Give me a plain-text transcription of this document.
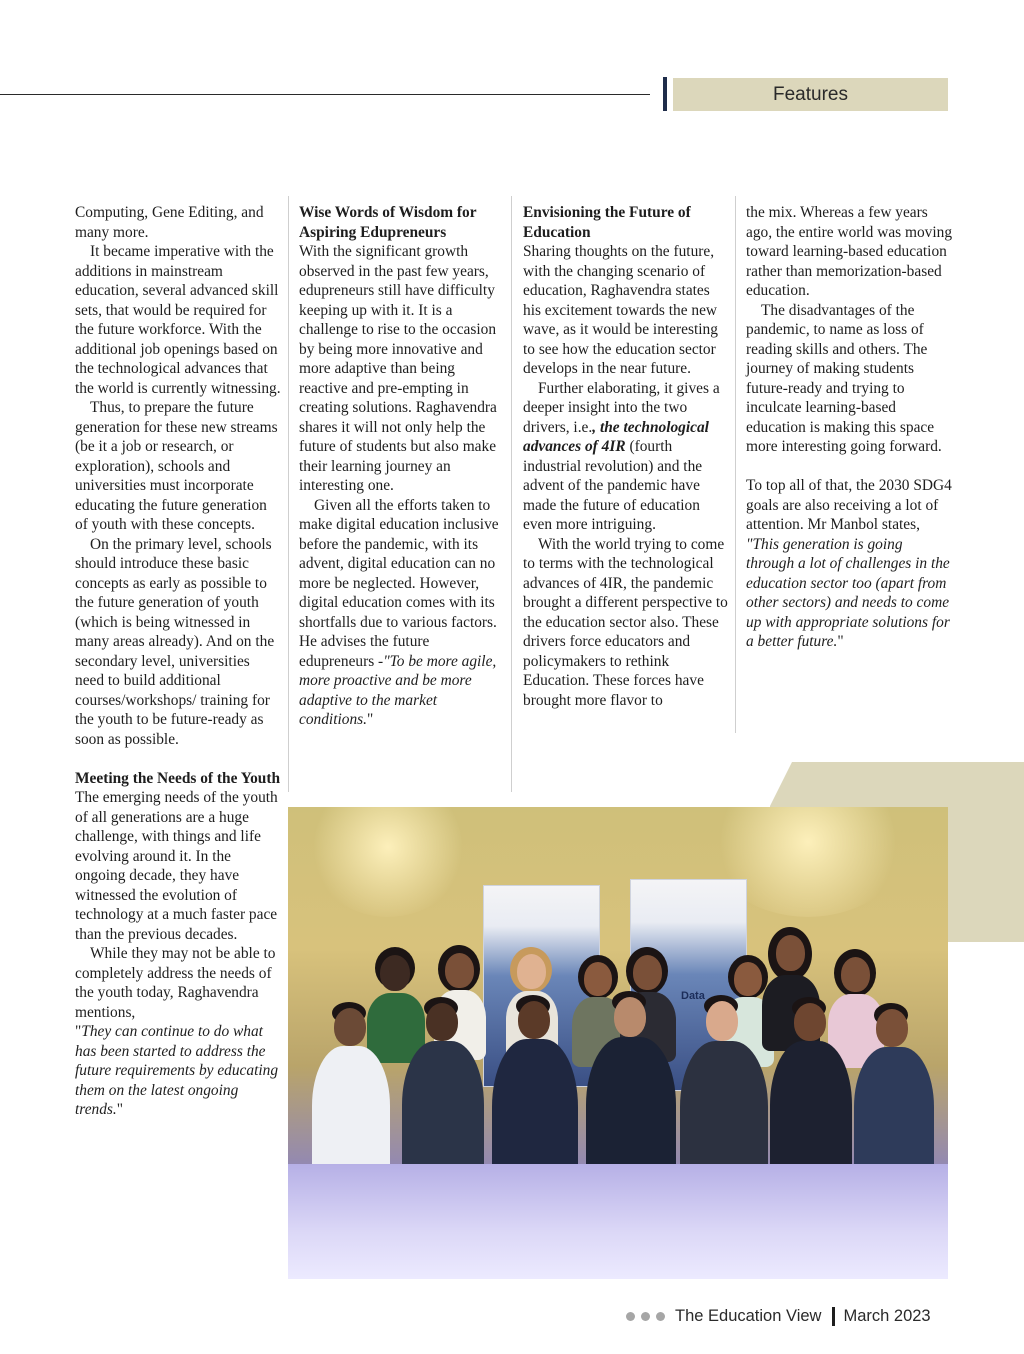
Features

Computing, Gene Editing, and many more.

It became imperative with the additions in mainstream education, several advanced skill sets, that would be required for the future workforce. With the additional job openings based on the technological advances that the world is currently witnessing.

Thus, to prepare the future generation for these new streams (be it a job or research, or exploration), schools and universities must incorporate educating the future generation of youth with these concepts.

On the primary level, schools should introduce these basic concepts as early as possible to the future generation of youth (which is being witnessed in many areas already). And on the secondary level, universities need to build additional courses/workshops/ training for the youth to be future-ready as soon as possible.

Meeting the Needs of the Youth

The emerging needs of the youth of all generations are a huge challenge, with things and life evolving around it. In the ongoing decade, they have witnessed the evolution of technology at a much faster pace than the previous decades.

While they may not be able to completely address the needs of the youth today, Raghavendra mentions,

"They can continue to do what has been started to address the future requirements by educating them on the latest ongoing trends."

Wise Words of Wisdom for Aspiring Edupreneurs

With the significant growth observed in the past few years, edupreneurs still have difficulty keeping up with it. It is a challenge to rise to the occasion by being more innovative and more adaptive than being reactive and pre-empting in creating solutions. Raghavendra shares it will not only help the future of students but also make their learning journey an interesting one.

Given all the efforts taken to make digital education inclusive before the pandemic, with its advent, digital education can no more be neglected. However, digital education comes with its shortfalls due to various factors. He advises the future edupreneurs -"To be more agile, more proactive and be more adaptive to the market conditions."

Envisioning the Future of Education

Sharing thoughts on the future, with the changing scenario of education, Raghavendra states his excitement towards the new wave, as it would be interesting to see how the education sector develops in the near future.

Further elaborating, it gives a deeper insight into the two drivers, i.e., the technological advances of 4IR (fourth industrial revolution) and the advent of the pandemic have made the future of education even more intriguing.

With the world trying to come to terms with the technological advances of 4IR, the pandemic brought a different perspective to the education sector also. These drivers force educators and policymakers to rethink Education. These forces have brought more flavor to

the mix. Whereas a few years ago, the entire world was moving toward learning-based education rather than memorization-based education.

The disadvantages of the pandemic, to name as loss of reading skills and others. The journey of making students future-ready and trying to inculcate learning-based education is making this space more interesting going forward.

To top all of that, the 2030 SDG4 goals are also receiving a lot of attention. Mr Manbol states,

"This generation is going through a lot of challenges in the education sector too (apart from other sectors) and needs to come up with appropriate solutions for a better future."

Data
The Education View March 2023
